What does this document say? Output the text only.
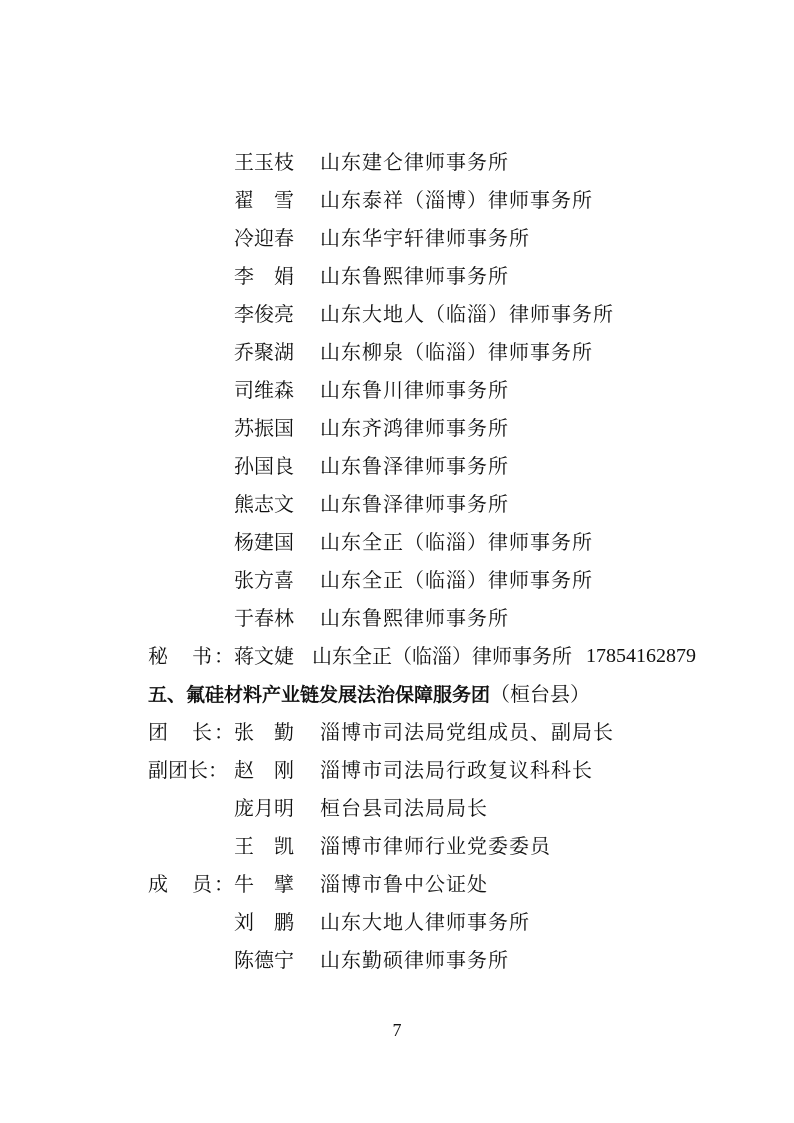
王玉枝	山东建仑律师事务所
翟　雪	山东泰祥（淄博）律师事务所
冷迎春	山东华宇轩律师事务所
李　娟	山东鲁熙律师事务所
李俊亮	山东大地人（临淄）律师事务所
乔聚湖	山东柳泉（临淄）律师事务所
司维森	山东鲁川律师事务所
苏振国	山东齐鸿律师事务所
孙国良	山东鲁泽律师事务所
熊志文	山东鲁泽律师事务所
杨建国	山东全正（临淄）律师事务所
张方喜	山东全正（临淄）律师事务所
于春林	山东鲁熙律师事务所
秘 书 ： 蒋文婕 山东全正（临淄）律师事务所 17854162879
五、氟硅材料产业链发展法治保障服务团（桓台县）
团 长 ： 张　勤	淄博市司法局党组成员、副局长
副团长： 赵　刚	淄博市司法局行政复议科科长
庞月明	桓台县司法局局长
王　凯	淄博市律师行业党委委员
成 员 ： 牛　擘	淄博市鲁中公证处
刘　鹏	山东大地人律师事务所
陈德宁	山东勤硕律师事务所
7
